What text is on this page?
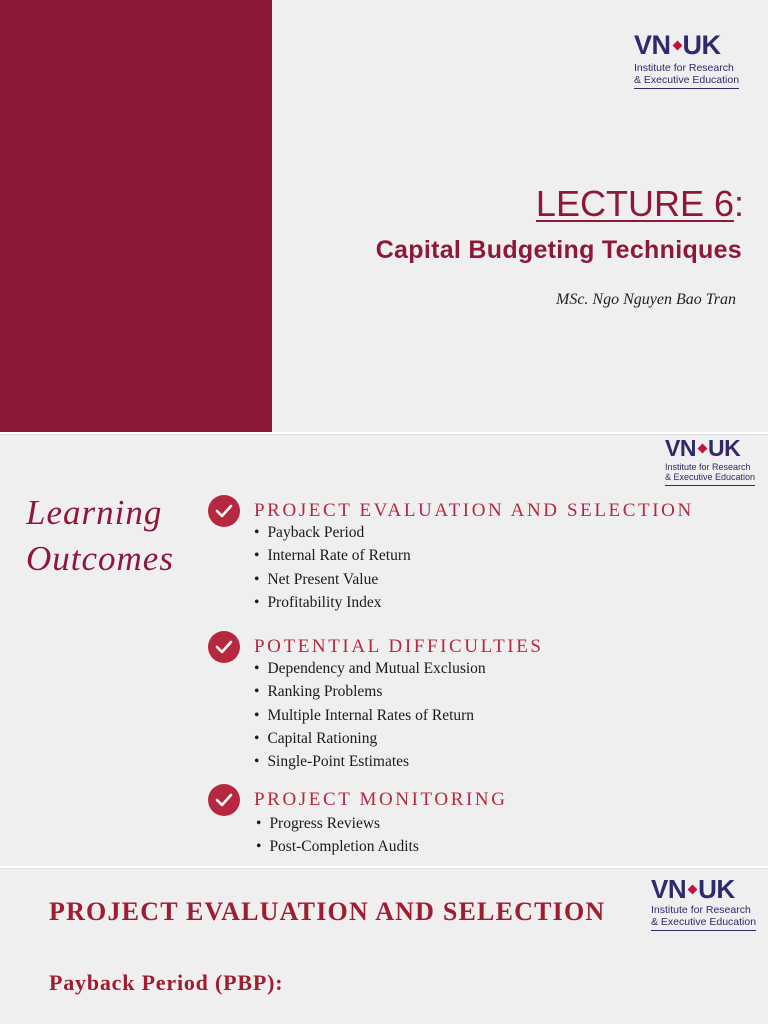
VN UK
Institute for Research
& Executive Education
LECTURE 6:
Capital Budgeting Techniques
MSc. Ngo Nguyen Bao Tran
VN UK
Institute for Research
& Executive Education
Learning
Outcomes
PROJECT EVALUATION AND SELECTION
• Payback Period
• Internal Rate of Return
• Net Present Value
• Profitability Index
POTENTIAL DIFFICULTIES
• Dependency and Mutual Exclusion
• Ranking Problems
• Multiple Internal Rates of Return
• Capital Rationing
• Single-Point Estimates
PROJECT MONITORING
• Progress Reviews
• Post-Completion Audits
VN UK
Institute for Research
& Executive Education
PROJECT EVALUATION AND SELECTION
Payback Period (PBP):
